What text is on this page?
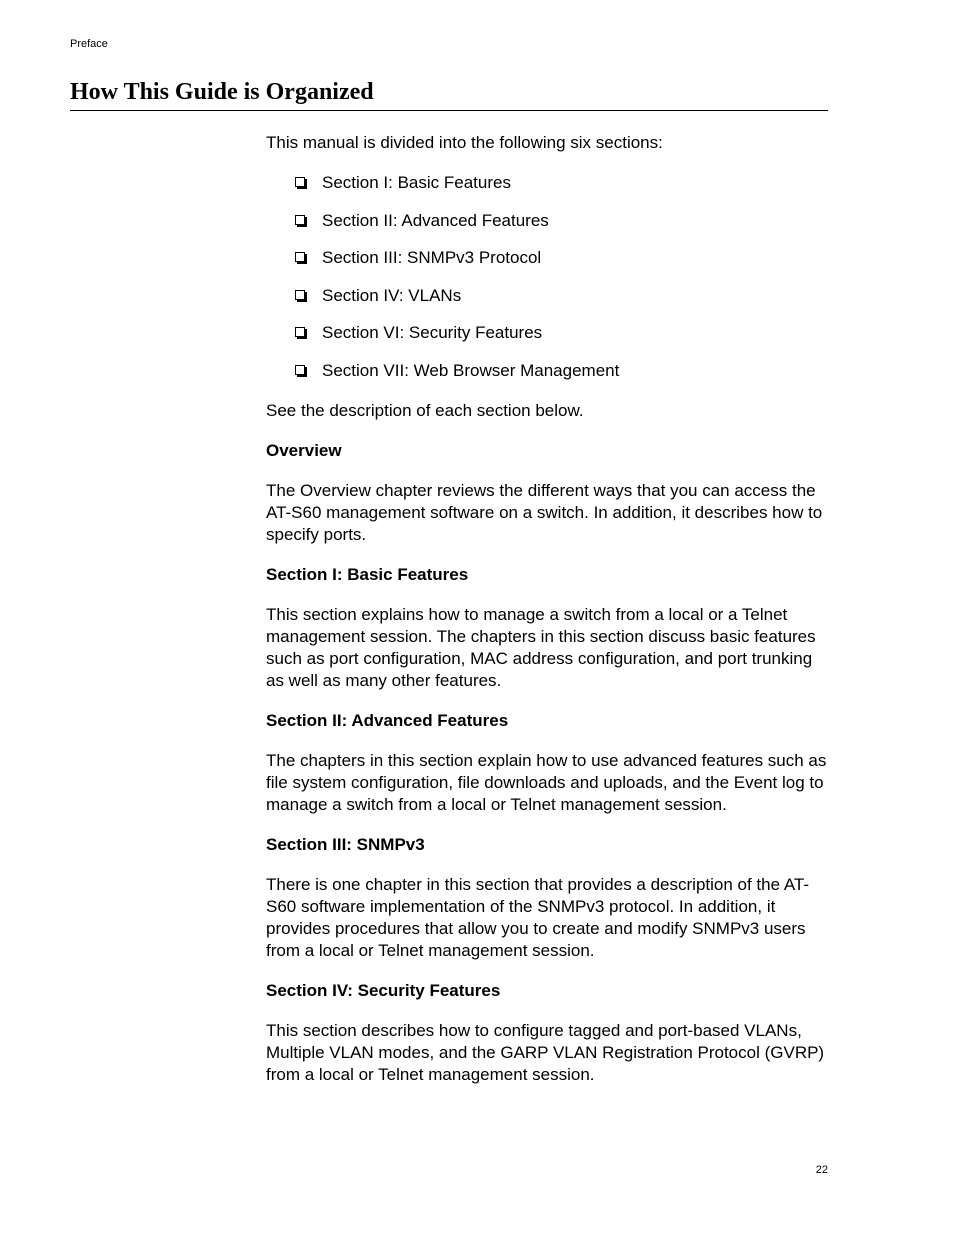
Preface
How This Guide is Organized

This manual is divided into the following six sections:

Section I: Basic Features
Section II: Advanced Features
Section III: SNMPv3 Protocol
Section IV: VLANs
Section VI: Security Features
Section VII: Web Browser Management

See the description of each section below.

Overview

The Overview chapter reviews the different ways that you can access the AT-S60 management software on a switch. In addition, it describes how to specify ports.

Section I: Basic Features

This section explains how to manage a switch from a local or a Telnet management session. The chapters in this section discuss basic features such as port configuration, MAC address configuration, and port trunking as well as many other features.

Section II: Advanced Features

The chapters in this section explain how to use advanced features such as file system configuration, file downloads and uploads, and the Event log to manage a switch from a local or Telnet management session.

Section III: SNMPv3

There is one chapter in this section that provides a description of the AT-S60 software implementation of the SNMPv3 protocol. In addition, it provides procedures that allow you to create and modify SNMPv3 users from a local or Telnet management session.

Section IV: Security Features

This section describes how to configure tagged and port-based VLANs, Multiple VLAN modes, and the GARP VLAN Registration Protocol (GVRP) from a local or Telnet management session.

22
